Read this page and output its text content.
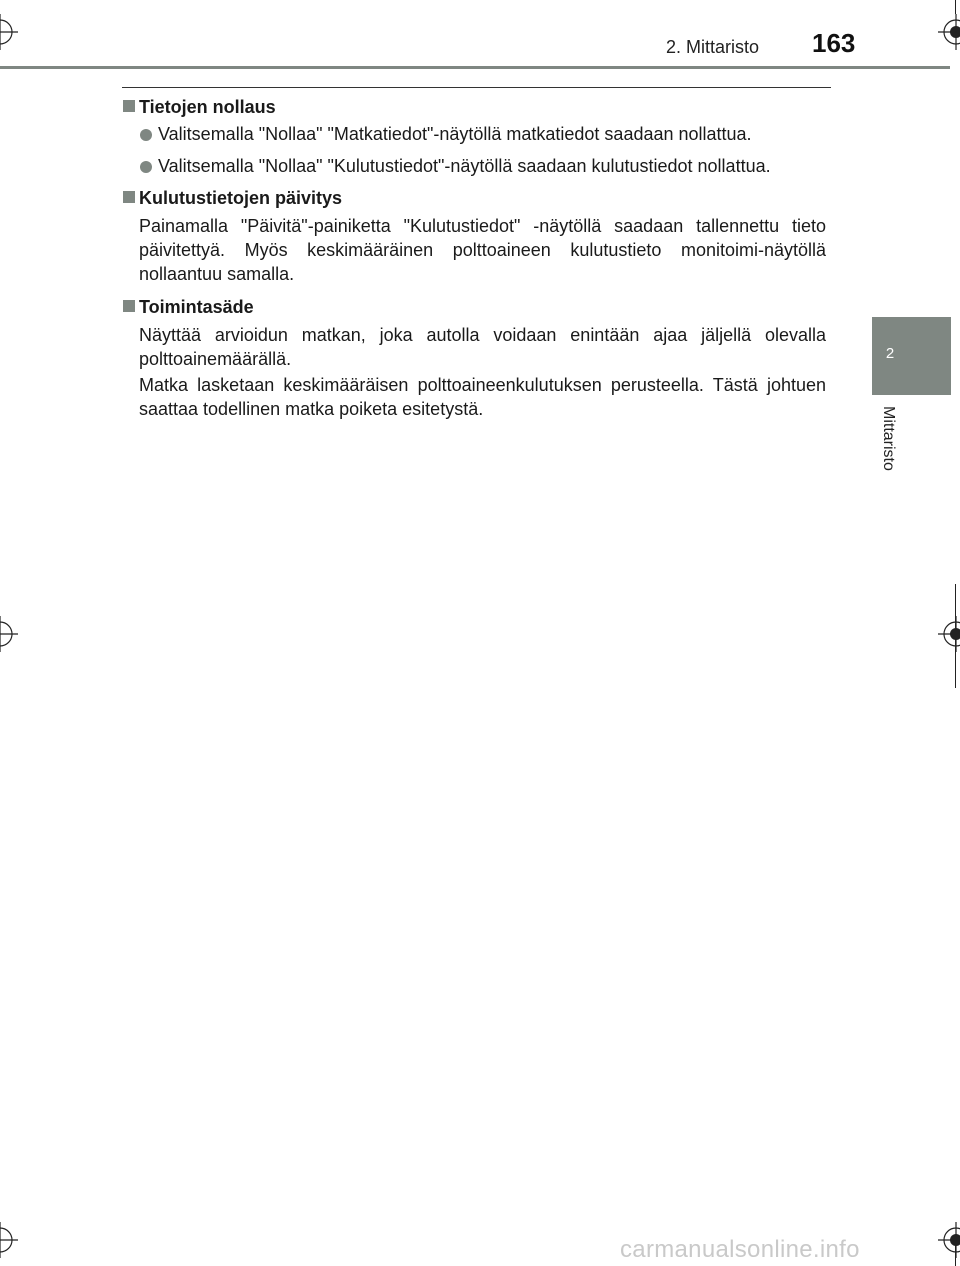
2. Mittaristo 163
2
Mittaristo
Tietojen nollaus
Valitsemalla "Nollaa" "Matkatiedot"-näytöllä matkatiedot saadaan nollattua.
Valitsemalla "Nollaa" "Kulutustiedot"-näytöllä saadaan kulutustiedot nollattua.
Kulutustietojen päivitys

Painamalla "Päivitä"-painiketta "Kulutustiedot" -näytöllä saadaan tallennettu tieto päivitettyä. Myös keskimääräinen polttoaineen kulutustieto monitoimi-näytöllä nollaantuu samalla.

Toimintasäde

Näyttää arvioidun matkan, joka autolla voidaan enintään ajaa jäljellä olevalla polttoainemäärällä.

Matka lasketaan keskimääräisen polttoaineenkulutuksen perusteella. Tästä johtuen saattaa todellinen matka poiketa esitetystä.

carmanualsonline.info
